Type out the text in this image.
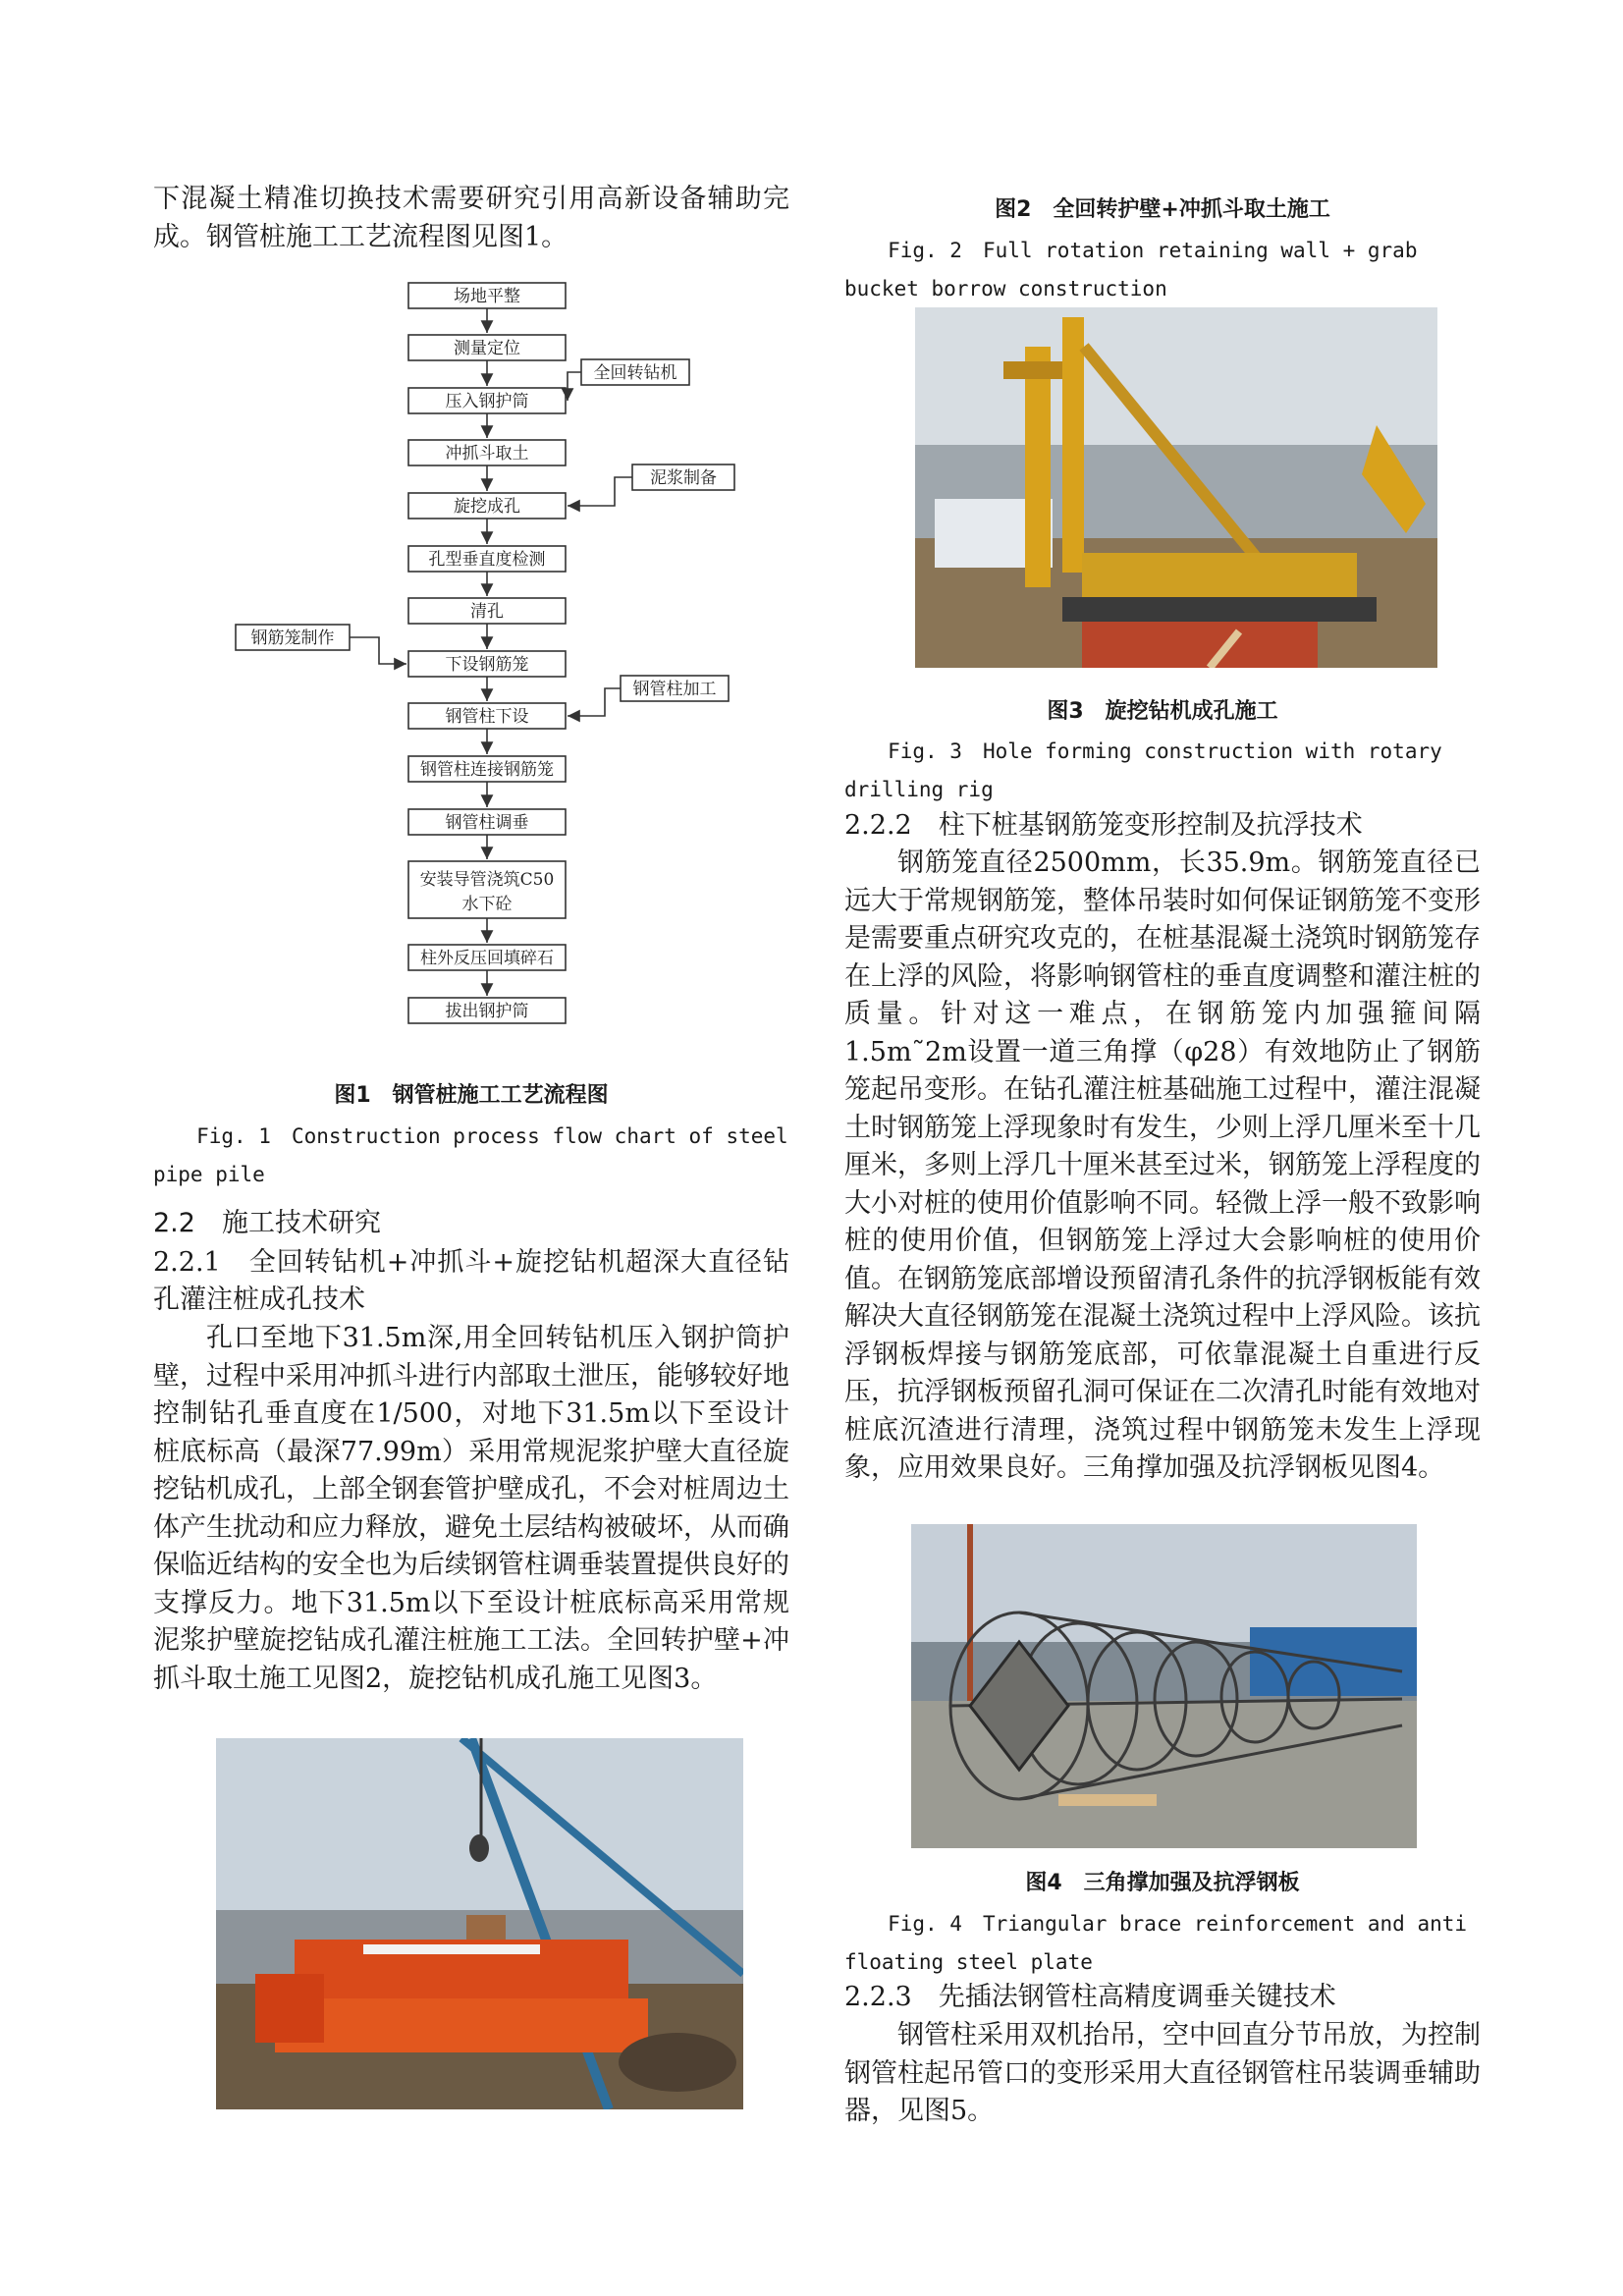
下混凝土精准切换技术需要研究引用高新设备辅助完成。钢管桩施工工艺流程图见图1。

场地平整
测量定位
压入钢护筒
冲抓斗取土
旋挖成孔
孔型垂直度检测
清孔
下设钢筋笼
钢管柱下设
钢管柱连接钢筋笼
钢管柱调垂
安装导管浇筑C50
水下砼
柱外反压回填碎石
拔出钢护筒
全回转钻机
泥浆制备
钢筋笼制作
钢管柱加工
图1　钢管桩施工工艺流程图
Fig. 1　Construction process flow chart of steel pipe pile
2.2　施工技术研究

2.2.1　全回转钻机+冲抓斗+旋挖钻机超深大直径钻孔灌注桩成孔技术

孔口至地下31.5m深,用全回转钻机压入钢护筒护壁，过程中采用冲抓斗进行内部取土泄压，能够较好地控制钻孔垂直度在1/500，对地下31.5m以下至设计桩底标高（最深77.99m）采用常规泥浆护壁大直径旋挖钻机成孔，上部全钢套管护壁成孔，不会对桩周边土体产生扰动和应力释放，避免土层结构被破坏，从而确保临近结构的安全也为后续钢管柱调垂装置提供良好的支撑反力。地下31.5m以下至设计桩底标高采用常规泥浆护壁旋挖钻成孔灌注桩施工工法。全回转护壁+冲抓斗取土施工见图2，旋挖钻机成孔施工见图3。

图2　全回转护壁+冲抓斗取土施工
Fig. 2　Full rotation retaining wall + grab bucket borrow construction
图3　旋挖钻机成孔施工
Fig. 3　Hole forming construction with rotary drilling rig

2.2.2　柱下桩基钢筋笼变形控制及抗浮技术

钢筋笼直径2500mm，长35.9m。钢筋笼直径已远大于常规钢筋笼，整体吊装时如何保证钢筋笼不变形是需要重点研究攻克的，在桩基混凝土浇筑时钢筋笼存在上浮的风险，将影响钢管柱的垂直度调整和灌注桩的质量。针对这一难点，在钢筋笼内加强箍间隔1.5m˜2m设置一道三角撑（φ28）有效地防止了钢筋笼起吊变形。在钻孔灌注桩基础施工过程中，灌注混凝土时钢筋笼上浮现象时有发生，少则上浮几厘米至十几厘米，多则上浮几十厘米甚至过米，钢筋笼上浮程度的大小对桩的使用价值影响不同。轻微上浮一般不致影响桩的使用价值，但钢筋笼上浮过大会影响桩的使用价值。在钢筋笼底部增设预留清孔条件的抗浮钢板能有效解决大直径钢筋笼在混凝土浇筑过程中上浮风险。该抗浮钢板焊接与钢筋笼底部，可依靠混凝土自重进行反压，抗浮钢板预留孔洞可保证在二次清孔时能有效地对桩底沉渣进行清理，浇筑过程中钢筋笼未发生上浮现象，应用效果良好。三角撑加强及抗浮钢板见图4。

图4　三角撑加强及抗浮钢板
Fig. 4　Triangular brace reinforcement and anti floating steel plate

2.2.3　先插法钢管柱高精度调垂关键技术

钢管柱采用双机抬吊，空中回直分节吊放，为控制钢管柱起吊管口的变形采用大直径钢管柱吊装调垂辅助器，见图5。
